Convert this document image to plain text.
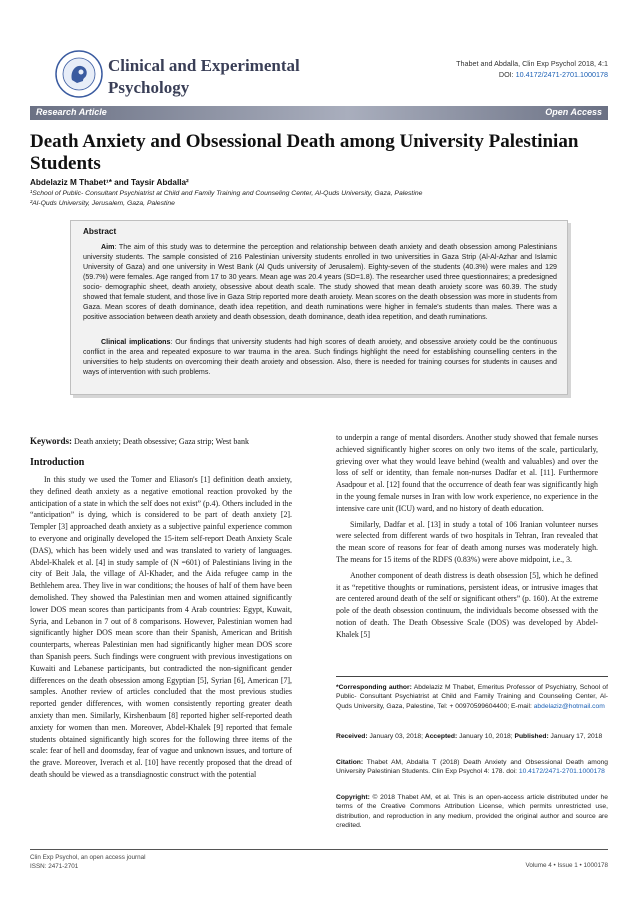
Clinical and Experimental
Psychology
Thabet and Abdalla, Clin Exp Psychol 2018, 4:1
DOI: 10.4172/2471-2701.1000178
Research Article	Open Access
Death Anxiety and Obsessional Death among University Palestinian Students
Abdelaziz M Thabet¹* and Taysir Abdalla²
¹School of Public- Consultant Psychiatrist at Child and Family Training and Counseling Center, Al-Quds University, Gaza, Palestine
²Al-Quds University, Jerusalem, Gaza, Palestine
Abstract

Aim: The aim of this study was to determine the perception and relationship between death anxiety and death obsession among Palestinians university students. The sample consisted of 216 Palestinian university students enrolled in two universities in Gaza Strip (Al-Al-Azhar and Islamic University of Gaza) and one university in West Bank (Al Quds university of Jerusalem). Eighty-seven of the students (40.3%) were males and 129 (59.7%) were females. Age ranged from 17 to 30 years. Mean age was 20.4 years (SD=1.8). The researcher used three questionnaires; a predesigned socio- demographic sheet, death anxiety, obsessive about death scale. The study showed that mean death anxiety score was 60.39. The study showed that female student, and those live in Gaza Strip reported more death anxiety. Mean scores on the death obsession was more in students from Gaza. Mean scores of death dominance, death idea repetition, and death ruminations were higher in female's students than males. There was a positive association between death anxiety and death obsession, death dominance, death idea repetition, and death ruminations.

Clinical implications: Our findings that university students had high scores of death anxiety, and obsessive anxiety could be the continuous conflict in the area and repeated exposure to war trauma in the area. Such findings highlight the need for establishing counselling centers in the universities to help students on overcoming their death anxiety and obsession. Also, there is needed for training courses for students in causes and ways of intervention with such problems.

Keywords: Death anxiety; Death obsessive; Gaza strip; West bank
Introduction

In this study we used the Tomer and Eliason's [1] definition death anxiety, they defined death anxiety as a negative emotional reaction provoked by the anticipation of a state in which the self does not exist” (p.4). Others included in the “anticipation” is dying, which is considered to be part of death anxiety [2]. Templer [3] approached death anxiety as a subjective painful experience common to everyone and originally developed the 15-item self-report Death Anxiety Scale (DAS), which has been widely used and was translated to variety of languages. Abdel-Khalek et al. [4] in study sample of (N =601) of Palestinians living in the city of Beit Jala, the village of Al-Khader, and the Aida refugee camp in the Bethlehem area. They live in war conditions; the houses of half of them have been demolished. They showed tha Palestinian men and women attained significantly lower DOS mean scores than participants from 4 Arab countries: Egypt, Kuwait, Syria, and Lebanon in 7 out of 8 comparisons. However, Palestinian women had significantly higher DOS mean score than their Spanish, American and British counterparts, whereas Palestinian men had significantly higher mean DOS score than Spanish peers. Such findings were congruent with previous investigations on Kuwaiti and Lebanese participants, but contradicted the non-significant gender differences on the death obsession among Egyptian [5], Syrian [6], American [7], samples. Another review of articles concluded that the most previous studies reported gender differences, with women consistently reporting greater death anxiety than men. Similarly, Kirshenbaum [8] reported higher self-reported death anxiety for women than men. Moreover, Abdel-Khalek [9] reported that female students obtained significantly high scores for the following three items of the scale: fear of hell and doomsday, fear of vague and unknown issues, and torture of the grave. Moreover, Iverach et al. [10] have recently proposed that the dread of death should be viewed as a transdiagnostic construct with the potential

to underpin a range of mental disorders. Another study showed that female nurses achieved significantly higher scores on only two items of the scale, particularly, grieving over what they would leave behind (wealth and valuables) and over the loss of self or identity, than female non-nurses Dadfar et al. [11]. Furthermore Asadpour et al. [12] found that the occurrence of death fear was significantly high in the young female nurses in Iran with low work experience, no experience in the intensive care unit (ICU) ward, and no history of death education.

Similarly, Dadfar et al. [13] in study a total of 106 Iranian volunteer nurses were selected from different wards of two hospitals in Tehran, Iran revealed that the mean score of reasons for fear of death among nurses was moderately high. The means for 15 items of the RDFS (0.83%) were above midpoint, i.e., 3.

Another component of death distress is death obsession [5], which he defined it as “repetitive thoughts or ruminations, persistent ideas, or intrusive images that are centered around death of the self or significant others” (p. 160). At the extreme pole of the death obsession continuum, the individuals become obsessed with the notion of death. The Death Obsessive Scale (DOS) was developed by Abdel-Khalek [5]

*Corresponding author: Abdelaziz M Thabet, Emeritus Professor of Psychiatry, School of Public- Consultant Psychiatrist at Child and Family Training and Counseling Center, Al-Quds University, Gaza, Palestine, Tel: + 00970599604400; E-mail: abdelaziz@hotmail.com
Received: January 03, 2018; Accepted: January 10, 2018; Published: January 17, 2018
Citation: Thabet AM, Abdalla T (2018) Death Anxiety and Obsessional Death among University Palestinian Students. Clin Exp Psychol 4: 178. doi: 10.4172/2471-2701.1000178
Copyright: © 2018 Thabet AM, et al. This is an open-access article distributed under he terms of the Creative Commons Attribution License, which permits unrestricted use, distribution, and reproduction in any medium, provided the original author and source are credited.
Clin Exp Psychol, an open access journal
ISSN: 2471-2701	Volume 4 • Issue 1 • 1000178
